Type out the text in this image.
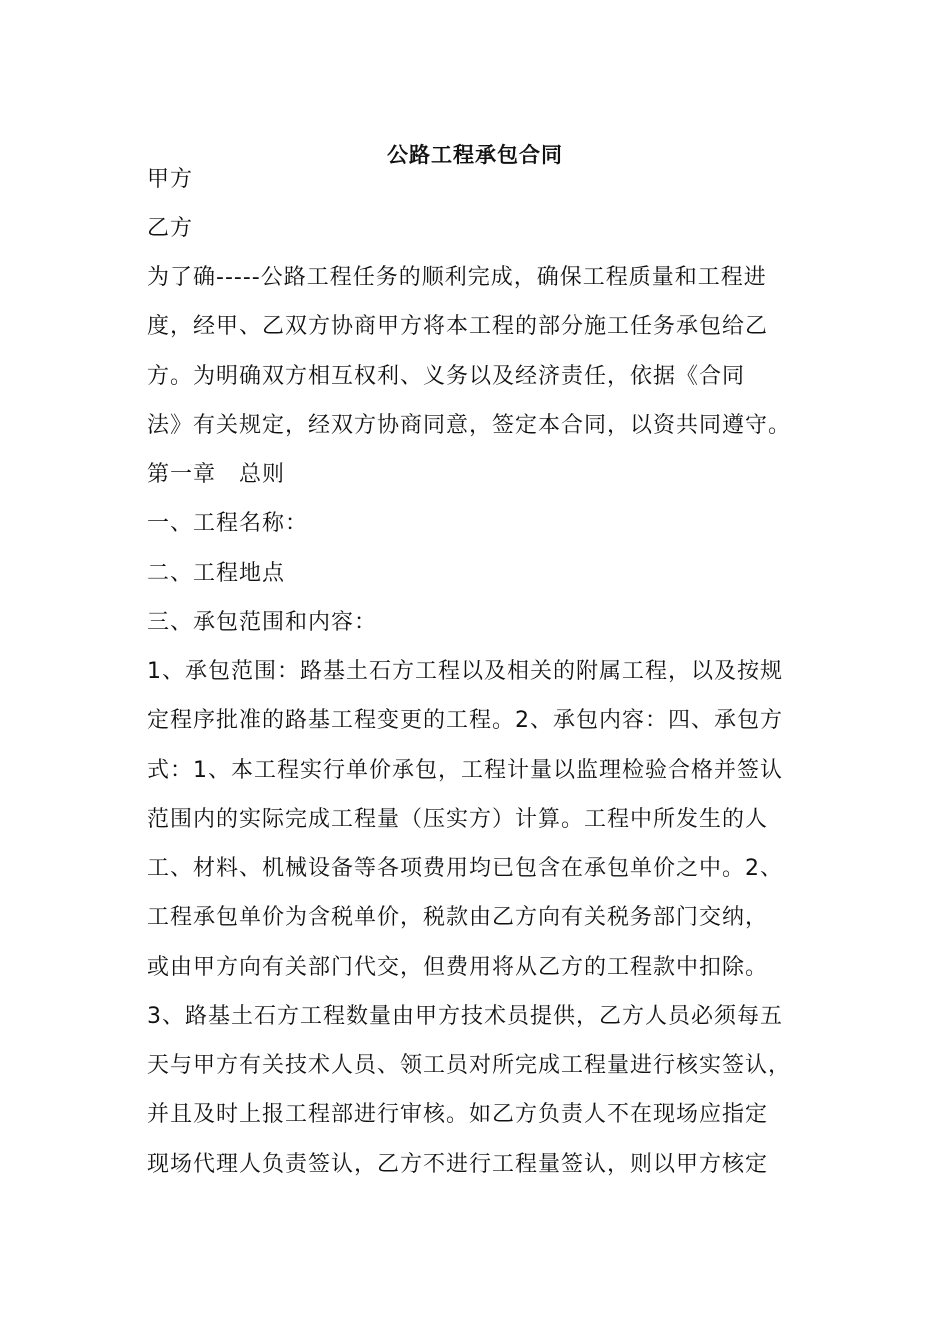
公路工程承包合同
甲方
乙方
为了确-----公路工程任务的顺利完成，确保工程质量和工程进
度，经甲、乙双方协商甲方将本工程的部分施工任务承包给乙
方。为明确双方相互权利、义务以及经济责任，依据《合同
法》有关规定，经双方协商同意，签定本合同，以资共同遵守。
第一章　总则
一、工程名称：
二、工程地点
三、承包范围和内容：
1、承包范围：路基土石方工程以及相关的附属工程，以及按规
定程序批准的路基工程变更的工程。2、承包内容：四、承包方
式：1、本工程实行单价承包，工程计量以监理检验合格并签认
范围内的实际完成工程量（压实方）计算。工程中所发生的人
工、材料、机械设备等各项费用均已包含在承包单价之中。2、
工程承包单价为含税单价，税款由乙方向有关税务部门交纳，
或由甲方向有关部门代交，但费用将从乙方的工程款中扣除。
3、路基土石方工程数量由甲方技术员提供，乙方人员必须每五
天与甲方有关技术人员、领工员对所完成工程量进行核实签认，
并且及时上报工程部进行审核。如乙方负责人不在现场应指定
现场代理人负责签认，乙方不进行工程量签认，则以甲方核定
